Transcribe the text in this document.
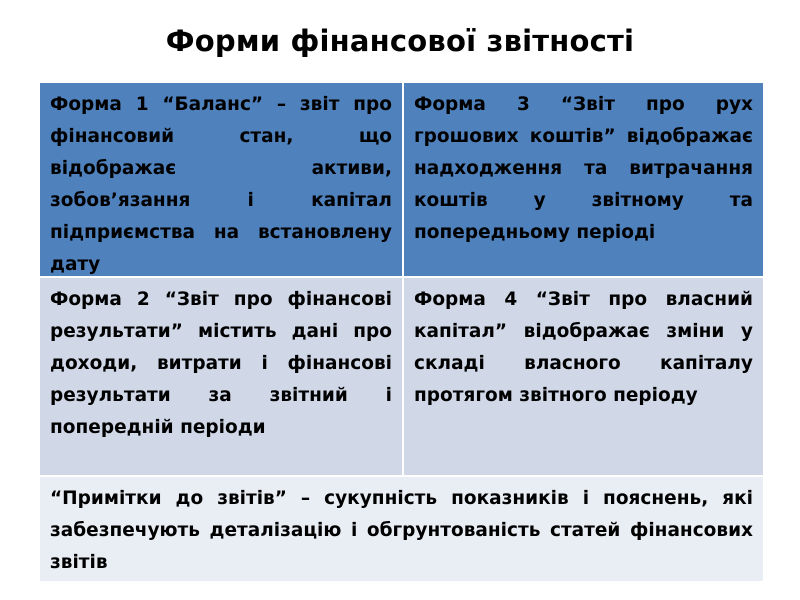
Форми фінансової звітності
Форма 1 “Баланс” – звіт про фінансовий стан, що відображає активи, зобов’язання і капітал підприємства на встановлену дату
Форма 3 “Звіт про рух грошових коштів” відображає надходження та витрачання коштів у звітному та попередньому періоді
Форма 2 “Звіт про фінансові результати” містить дані про доходи, витрати і фінансові результати за звітний і попередній періоди
Форма 4 “Звіт про власний капітал” відображає зміни у складі власного капіталу протягом звітного періоду
“Примітки до звітів” – сукупність показників і пояснень, які забезпечують деталізацію і обгрунтованість статей фінансових звітів
